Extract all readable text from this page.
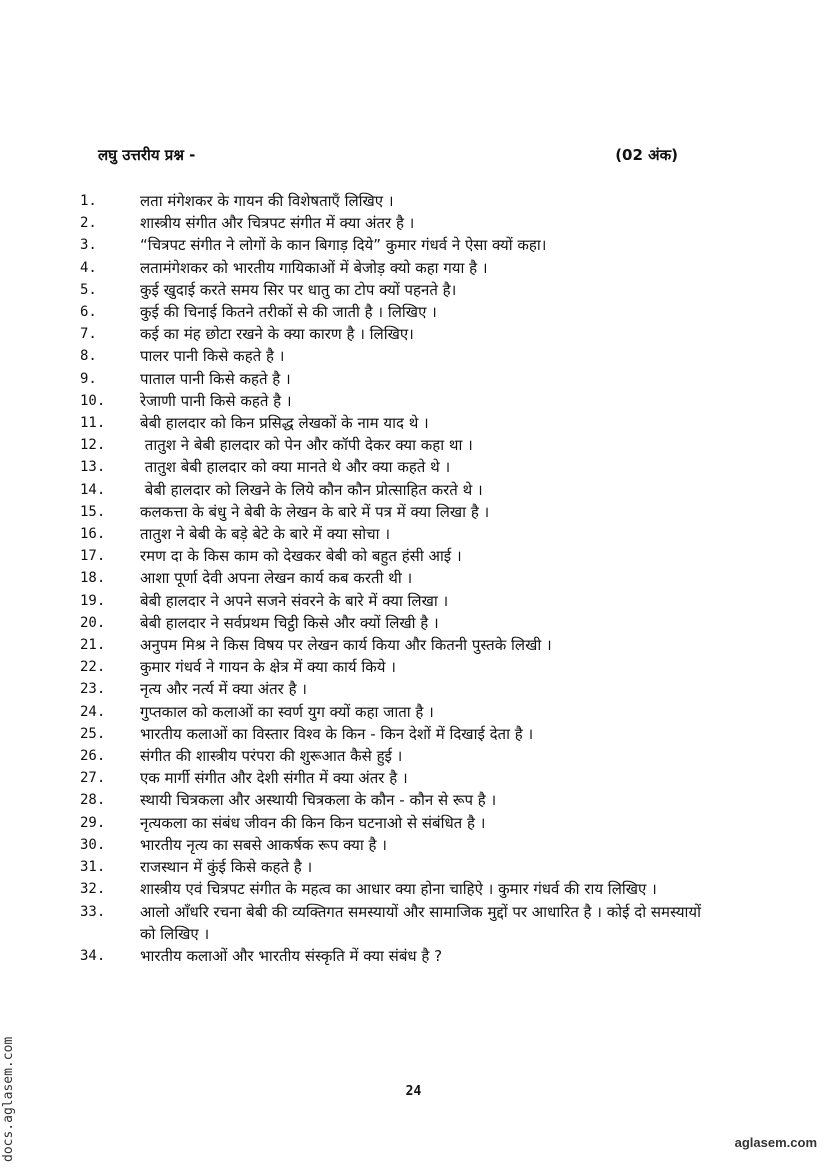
लघु उत्तरीय प्रश्न -	(02 अंक)
1.	लता मंगेशकर के गायन की विशेषताएँ लिखिए ।
2.	शास्त्रीय संगीत और चित्रपट संगीत में क्या अंतर है ।
3.	“चित्रपट संगीत ने लोगों के कान बिगाड़ दिये” कुमार गंधर्व ने ऐसा क्यों कहा।
4.	लतामंगेशकर को भारतीय गायिकाओं में बेजोड़ क्यो कहा गया है ।
5.	कुई खुदाई करते समय सिर पर धातु का टोप क्यों पहनते है।
6.	कुई की चिनाई कितने तरीकों से की जाती है । लिखिए ।
7.	कई का मंह छोटा रखने के क्या कारण है । लिखिए।
8.	पालर पानी किसे कहते है ।
9.	पाताल पानी किसे कहते है ।
10.	रेजाणी पानी किसे कहते है ।
11.	बेबी हालदार को किन प्रसिद्ध लेखकों के नाम याद थे ।
12.	तातुश ने बेबी हालदार को पेन और कॉपी देकर क्या कहा था ।
13.	तातुश बेबी हालदार को क्या मानते थे और क्या कहते थे ।
14.	बेबी हालदार को लिखने के लिये कौन कौन प्रोत्साहित करते थे ।
15.	कलकत्ता के बंधु ने बेबी के लेखन के बारे में पत्र में क्या लिखा है ।
16.	तातुश ने बेबी के बड़े बेटे के बारे में क्या सोचा ।
17.	रमण दा के किस काम को देखकर बेबी को बहुत हंसी आई ।
18.	आशा पूर्णा देवी अपना लेखन कार्य कब करती थी ।
19.	बेबी हालदार ने अपने सजने संवरने के बारे में क्या लिखा ।
20.	बेबी हालदार ने सर्वप्रथम चिट्ठी किसे और क्यों लिखी है ।
21.	अनुपम मिश्र ने किस विषय पर लेखन कार्य किया और कितनी पुस्तके लिखी ।
22.	कुमार गंधर्व ने गायन के क्षेत्र में क्या कार्य किये ।
23.	नृत्य और नर्त्य में क्या अंतर है ।
24.	गुप्तकाल को कलाओं का स्वर्ण युग क्यों कहा जाता है ।
25.	भारतीय कलाओं का विस्तार विश्व के किन - किन देशों में दिखाई देता है ।
26.	संगीत की शास्त्रीय परंपरा की शुरूआत कैसे हुई ।
27.	एक मार्गी संगीत और देशी संगीत में क्या अंतर है ।
28.	स्थायी चित्रकला और अस्थायी चित्रकला के कौन - कौन से रूप है ।
29.	नृत्यकला का संबंध जीवन की किन किन घटनाओ से संबंधित है ।
30.	भारतीय नृत्य का सबसे आकर्षक रूप क्या है ।
31.	राजस्थान में कुंई किसे कहते है ।
32.	शास्त्रीय एवं चित्रपट संगीत के महत्व का आधार क्या होना चाहिऐ । कुमार गंधर्व की राय लिखिए ।
33.	आलो आँधरि रचना बेबी की व्यक्तिगत समस्यायों और सामाजिक मुद्दों पर आधारित है । कोई दो समस्यायों को लिखिए ।
34.	भारतीय कलाओं और भारतीय संस्कृति में क्या संबंध है ?
24
docs.aglasem.com	aglasem.com
